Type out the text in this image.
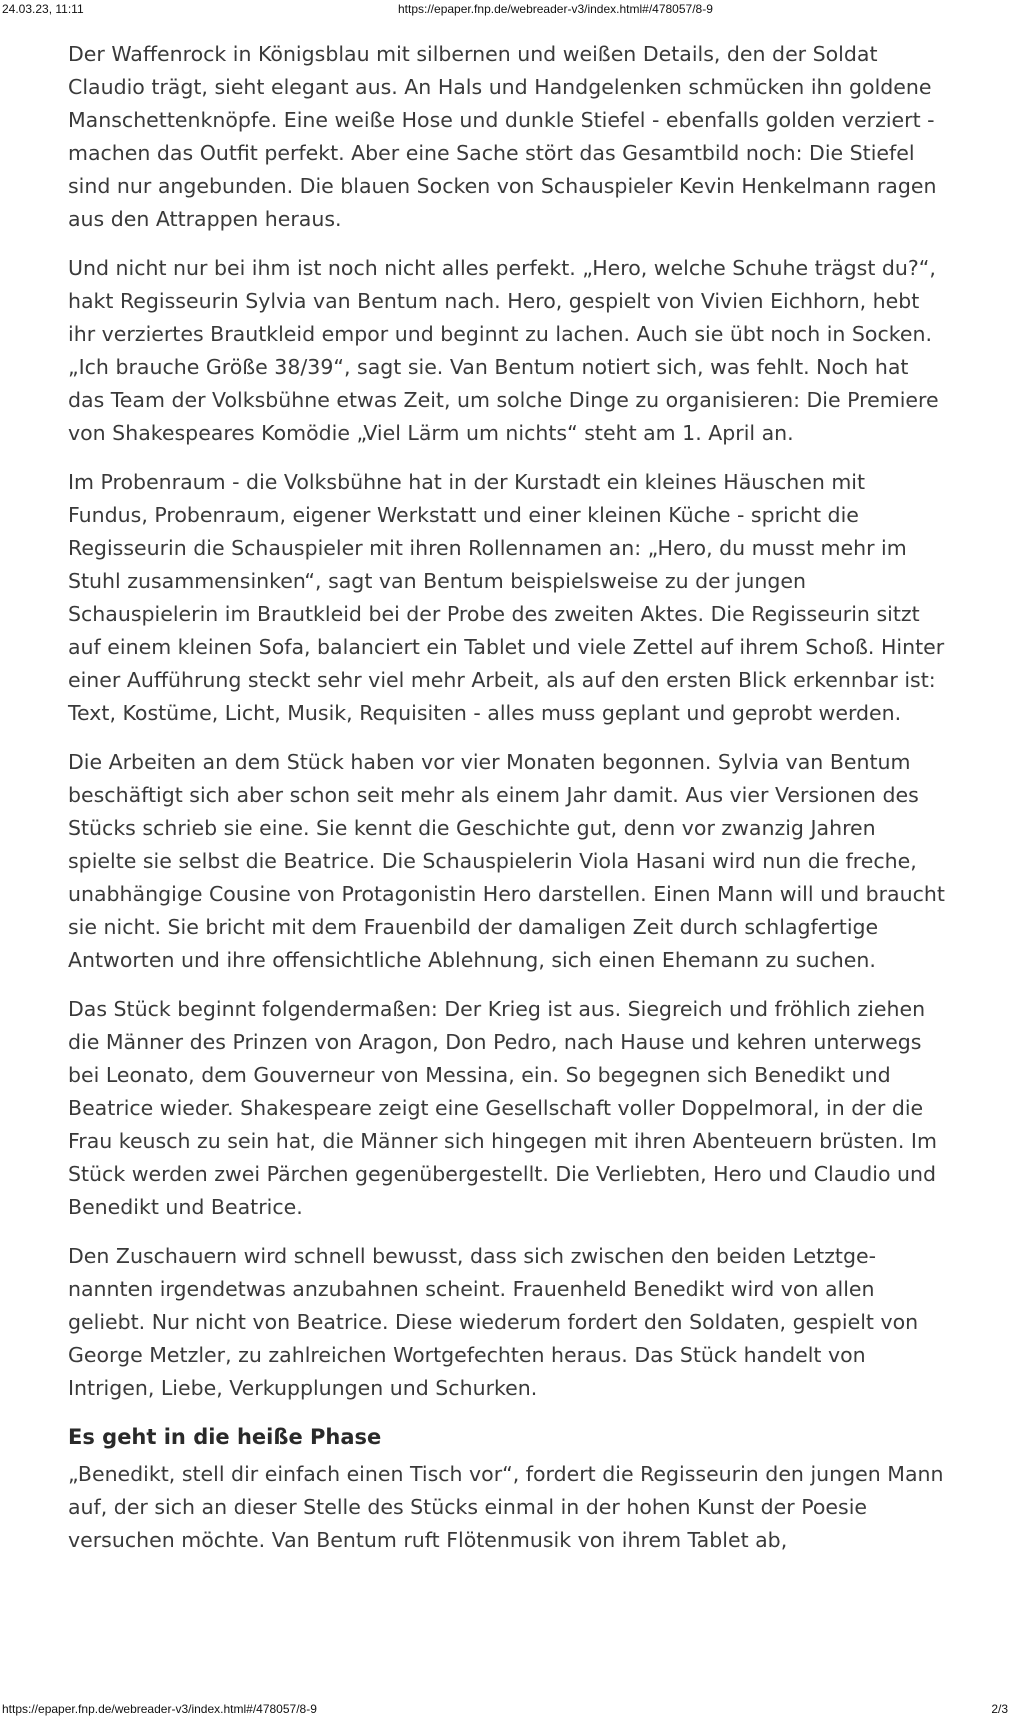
24.03.23, 11:11	https://epaper.fnp.de/webreader-v3/index.html#/478057/8-9

Der Waffenrock in Königsblau mit silbernen und weißen Details, den der Soldat Claudio trägt, sieht elegant aus. An Hals und Handgelenken schmücken ihn goldene Manschettenknöpfe. Eine weiße Hose und dunkle Stiefel - ebenfalls golden verziert - machen das Outfit perfekt. Aber eine Sache stört das Gesamtbild noch: Die Stiefel sind nur angebunden. Die blauen Socken von Schauspieler Kevin Henkelmann ragen aus den Attrappen heraus.

Und nicht nur bei ihm ist noch nicht alles perfekt. „Hero, welche Schuhe trägst du?“, hakt Regisseurin Sylvia van Bentum nach. Hero, gespielt von Vivien Eichhorn, hebt ihr verziertes Brautkleid empor und beginnt zu lachen. Auch sie übt noch in Socken. „Ich brauche Größe 38/39“, sagt sie. Van Bentum notiert sich, was fehlt. Noch hat das Team der Volksbühne etwas Zeit, um solche Dinge zu organisieren: Die Premiere von Shakespeares Komödie „Viel Lärm um nichts“ steht am 1. April an.

Im Probenraum - die Volksbühne hat in der Kurstadt ein kleines Häuschen mit Fundus, Probenraum, eigener Werkstatt und einer kleinen Küche - spricht die Regisseurin die Schauspieler mit ihren Rollennamen an: „Hero, du musst mehr im Stuhl zusammensinken“, sagt van Bentum beispielsweise zu der jungen Schauspielerin im Brautkleid bei der Probe des zweiten Aktes. Die Regisseurin sitzt auf einem kleinen Sofa, balanciert ein Tablet und viele Zettel auf ihrem Schoß. Hinter einer Aufführung steckt sehr viel mehr Arbeit, als auf den ersten Blick erkennbar ist: Text, Kostüme, Licht, Musik, Requisiten - alles muss geplant und geprobt werden.

Die Arbeiten an dem Stück haben vor vier Monaten begonnen. Sylvia van Bentum beschäftigt sich aber schon seit mehr als einem Jahr damit. Aus vier Versionen des Stücks schrieb sie eine. Sie kennt die Geschichte gut, denn vor zwanzig Jahren spielte sie selbst die Beatrice. Die Schauspielerin Viola Hasani wird nun die freche, unabhängige Cousine von Protagonistin Hero darstellen. Einen Mann will und braucht sie nicht. Sie bricht mit dem Frauenbild der damaligen Zeit durch schlagfertige Antworten und ihre offensichtliche Ablehnung, sich einen Ehemann zu suchen.

Das Stück beginnt folgendermaßen: Der Krieg ist aus. Siegreich und fröhlich ziehen die Männer des Prinzen von Aragon, Don Pedro, nach Hause und kehren unterwegs bei Leonato, dem Gouverneur von Messina, ein. So begegnen sich Benedikt und Beatrice wieder. Shakespeare zeigt eine Gesellschaft voller Doppelmoral, in der die Frau keusch zu sein hat, die Männer sich hingegen mit ihren Abenteuern brüsten. Im Stück werden zwei Pärchen gegenübergestellt. Die Verliebten, Hero und Claudio und Benedikt und Beatrice.

Den Zuschauern wird schnell bewusst, dass sich zwischen den beiden Letztgenannten irgendetwas anzubahnen scheint. Frauenheld Benedikt wird von allen geliebt. Nur nicht von Beatrice. Diese wiederum fordert den Soldaten, gespielt von George Metzler, zu zahlreichen Wortgefechten heraus. Das Stück handelt von Intrigen, Liebe, Verkupplungen und Schurken.

Es geht in die heiße Phase

„Benedikt, stell dir einfach einen Tisch vor“, fordert die Regisseurin den jungen Mann auf, der sich an dieser Stelle des Stücks einmal in der hohen Kunst der Poesie versuchen möchte. Van Bentum ruft Flötenmusik von ihrem Tablet ab,

https://epaper.fnp.de/webreader-v3/index.html#/478057/8-9	2/3
